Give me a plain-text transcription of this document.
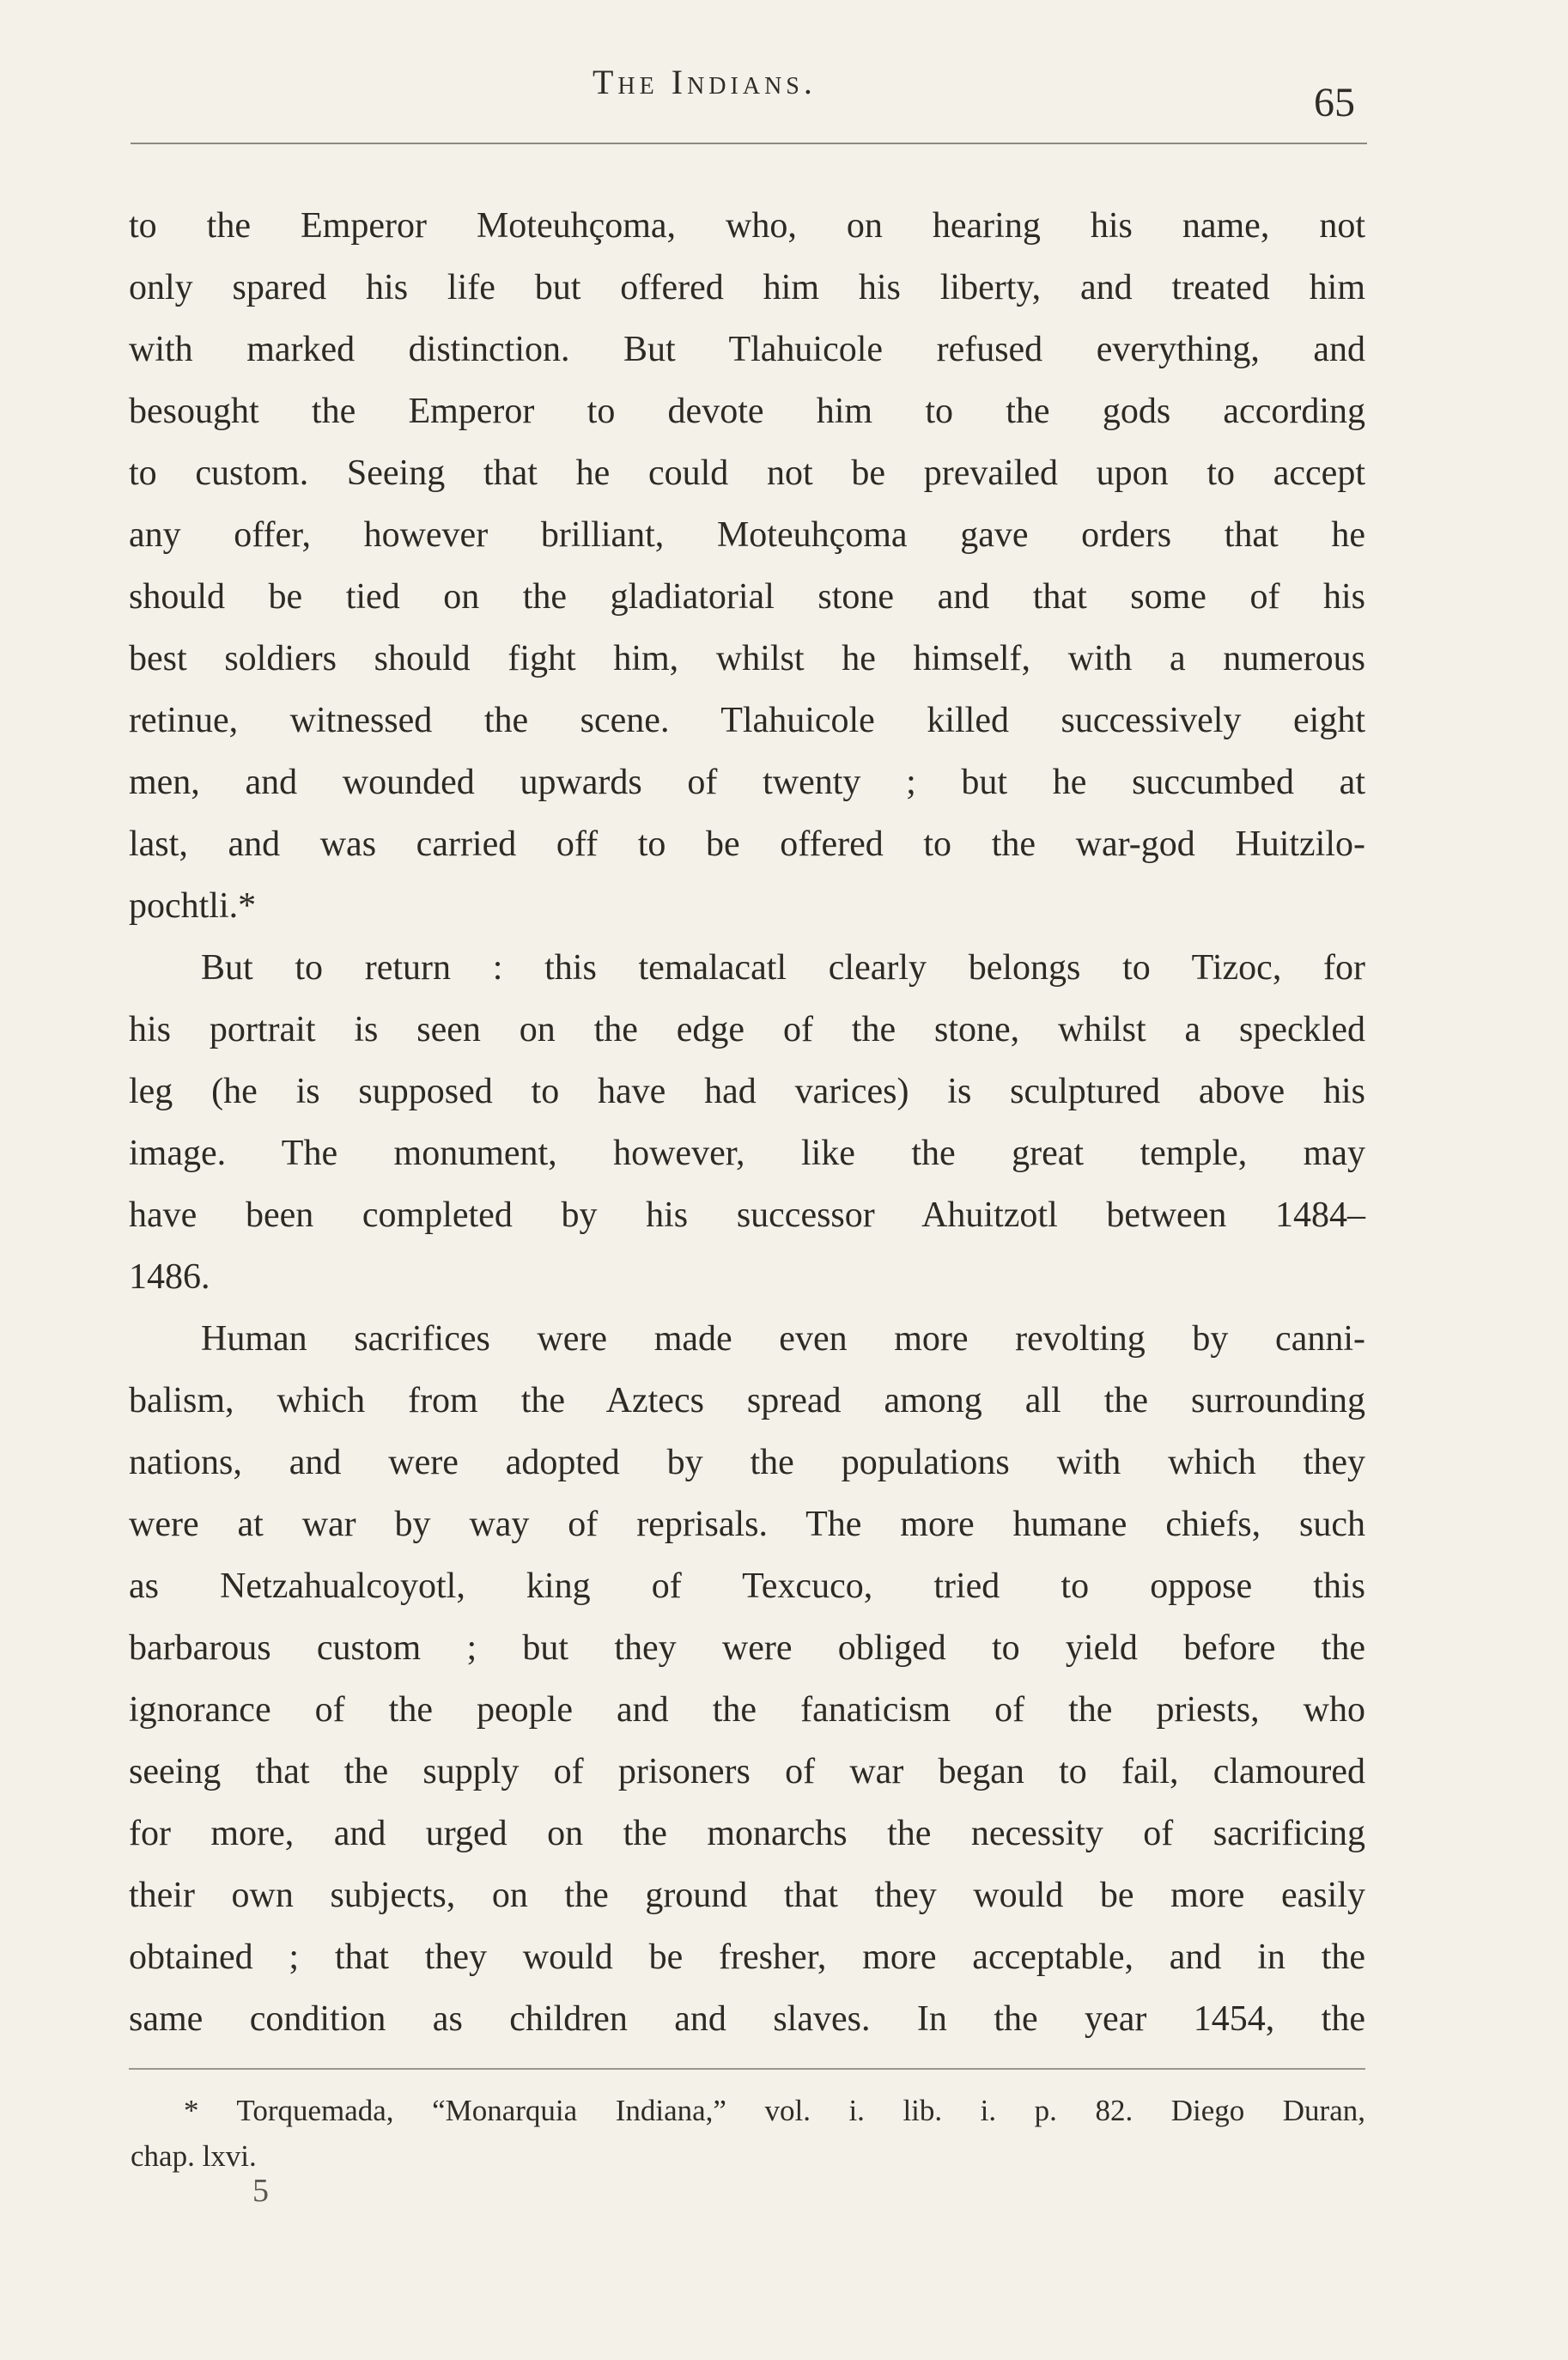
The Indians.	65
to the Emperor Moteuhçoma, who, on hearing his name, not
only spared his life but offered him his liberty, and treated him
with marked distinction. But Tlahuicole refused everything, and
besought the Emperor to devote him to the gods according
to custom. Seeing that he could not be prevailed upon to accept
any offer, however brilliant, Moteuhçoma gave orders that he
should be tied on the gladiatorial stone and that some of his
best soldiers should fight him, whilst he himself, with a numerous
retinue, witnessed the scene. Tlahuicole killed successively eight
men, and wounded upwards of twenty ; but he succumbed at
last, and was carried off to be offered to the war-god Huitzilo-
pochtli.*
But to return : this temalacatl clearly belongs to Tizoc, for
his portrait is seen on the edge of the stone, whilst a speckled
leg (he is supposed to have had varices) is sculptured above his
image. The monument, however, like the great temple, may
have been completed by his successor Ahuitzotl between 1484–
1486.
Human sacrifices were made even more revolting by canni-
balism, which from the Aztecs spread among all the surrounding
nations, and were adopted by the populations with which they
were at war by way of reprisals. The more humane chiefs, such
as Netzahualcoyotl, king of Texcuco, tried to oppose this
barbarous custom ; but they were obliged to yield before the
ignorance of the people and the fanaticism of the priests, who
seeing that the supply of prisoners of war began to fail, clamoured
for more, and urged on the monarchs the necessity of sacrificing
their own subjects, on the ground that they would be more easily
obtained ; that they would be fresher, more acceptable, and in the
same condition as children and slaves. In the year 1454, the
* Torquemada, “Monarquia Indiana,” vol. i. lib. i. p. 82. Diego Duran,
chap. lxvi.
5
